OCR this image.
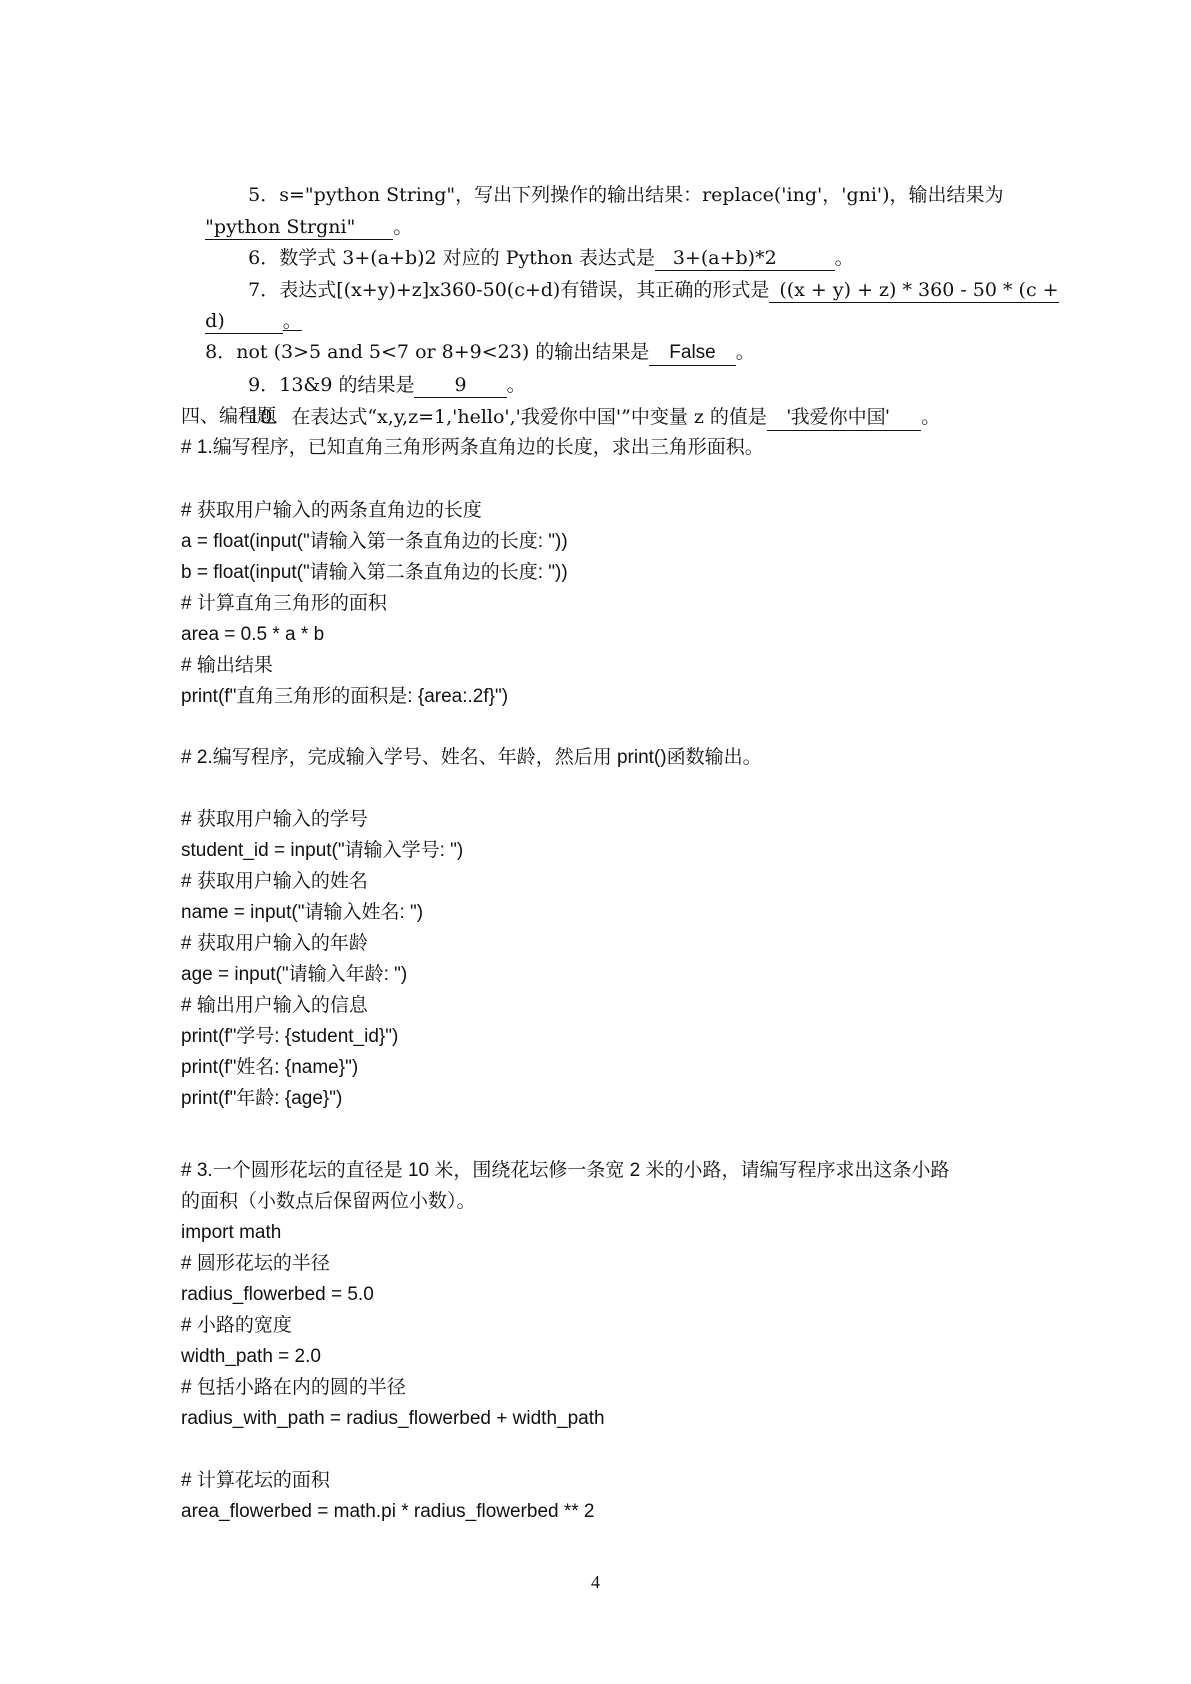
5．s="python String"，写出下列操作的输出结果：replace('ing'，'gni')，输出结果为

"python Strgni" 。

6．数学式 3+(a+b)2 对应的 Python 表达式是 3+(a+b)*2	。

7．表达式[(x+y)+z]x360-50(c+d)有错误，其正确的形式是 ((x + y) + z) * 360 - 50 * (c +

d)	。

8．not (3>5 and 5<7 or 8+9<23) 的输出结果是 False 。

9．13&9 的结果是 9 。

10．在表达式“x,y,z=1,'hello','我爱你中国'”中变量 z 的值是 '我爱你中国' 。

四、编程题
# 1.编写程序，已知直角三角形两条直角边的长度，求出三角形面积。
# 获取用户输入的两条直角边的长度
a = float(input("请输入第一条直角边的长度: "))
b = float(input("请输入第二条直角边的长度: "))
# 计算直角三角形的面积
area = 0.5 * a * b
# 输出结果
print(f"直角三角形的面积是: {area:.2f}")
# 2.编写程序，完成输入学号、姓名、年龄，然后用 print()函数输出。
# 获取用户输入的学号
student_id = input("请输入学号: ")
# 获取用户输入的姓名
name = input("请输入姓名: ")
# 获取用户输入的年龄
age = input("请输入年龄: ")
# 输出用户输入的信息
print(f"学号: {student_id}")
print(f"姓名: {name}")
print(f"年龄: {age}")
# 3.一个圆形花坛的直径是 10 米，围绕花坛修一条宽 2 米的小路，请编写程序求出这条小路
的面积（小数点后保留两位小数）。
import math
# 圆形花坛的半径
radius_flowerbed = 5.0
# 小路的宽度
width_path = 2.0
# 包括小路在内的圆的半径
radius_with_path = radius_flowerbed + width_path
# 计算花坛的面积
area_flowerbed = math.pi * radius_flowerbed ** 2
4
